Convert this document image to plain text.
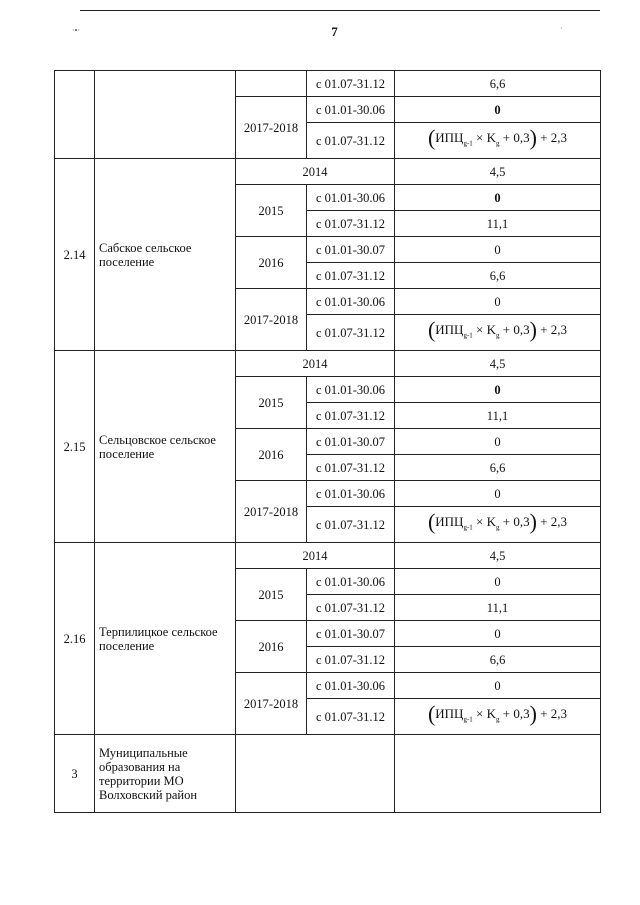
7
·•·	·
			с 01.07-31.12	6,6
		2017-2018	с 01.01-30.06	0
			с 01.07-31.12	$(ИПЦ_{g-1} \times K_g + 0,3) + 2,3$
2.14	Сабское сельское поселение	2014		4,5
		2015	с 01.01-30.06	0
			с 01.07-31.12	11,1
		2016	с 01.01-30.07	0
			с 01.07-31.12	6,6
		2017-2018	с 01.01-30.06	0
			с 01.07-31.12	$(ИПЦ_{g-1} \times K_g + 0,3) + 2,3$
2.15	Сельцовское сельское поселение	2014		4,5
		2015	с 01.01-30.06	0
			с 01.07-31.12	11,1
		2016	с 01.01-30.07	0
			с 01.07-31.12	6,6
		2017-2018	с 01.01-30.06	0
			с 01.07-31.12	$(ИПЦ_{g-1} \times K_g + 0,3) + 2,3$
2.16	Терпилицкое сельское поселение	2014		4,5
		2015	с 01.01-30.06	0
			с 01.07-31.12	11,1
		2016	с 01.01-30.07	0
			с 01.07-31.12	6,6
		2017-2018	с 01.01-30.06	0
			с 01.07-31.12	$(ИПЦ_{g-1} \times K_g + 0,3) + 2,3$
3	Муниципальные образования на территории МО Волховский район			
